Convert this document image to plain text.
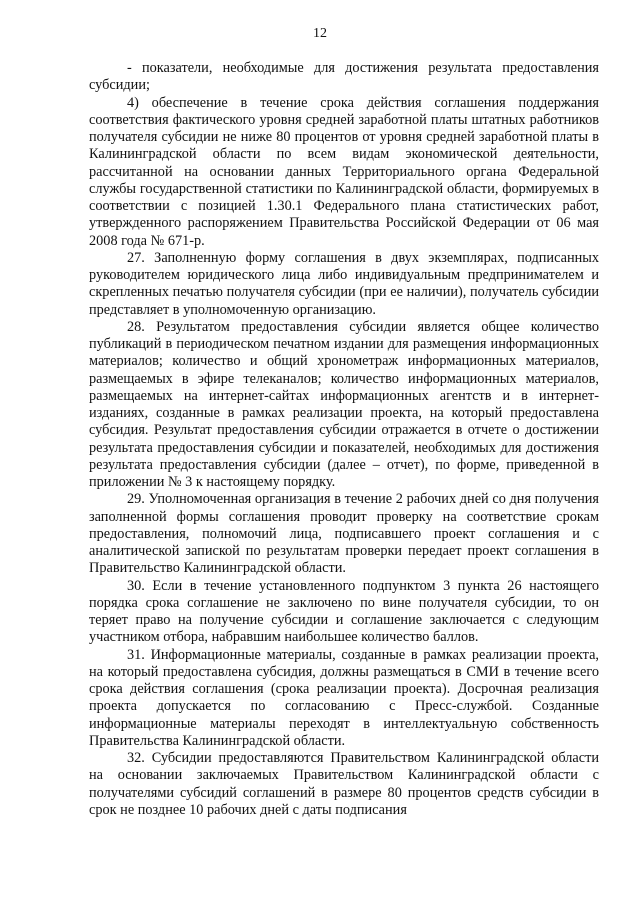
12

- показатели, необходимые для достижения результата предоставления субсидии;

4) обеспечение в течение срока действия соглашения поддержания соответствия фактического уровня средней заработной платы штатных работников получателя субсидии не ниже 80 процентов от уровня средней заработной платы в Калининградской области по всем видам экономической деятельности, рассчитанной на основании данных Территориального органа Федеральной службы государственной статистики по Калининградской области, формируемых в соответствии с позицией 1.30.1 Федерального плана статистических работ, утвержденного распоряжением Правительства Российской Федерации от 06 мая 2008 года № 671-р.

27. Заполненную форму соглашения в двух экземплярах, подписанных руководителем юридического лица либо индивидуальным предпринимателем и скрепленных печатью получателя субсидии (при ее наличии), получатель субсидии представляет в уполномоченную организацию.

28. Результатом предоставления субсидии является общее количество публикаций в периодическом печатном издании для размещения информационных материалов; количество и общий хронометраж информационных материалов, размещаемых в эфире телеканалов; количество информационных материалов, размещаемых на интернет-сайтах информационных агентств и в интернет-изданиях, созданные в рамках реализации проекта, на который предоставлена субсидия. Результат предоставления субсидии отражается в отчете о достижении результата предоставления субсидии и показателей, необходимых для достижения результата предоставления субсидии (далее – отчет), по форме, приведенной в приложении № 3 к настоящему порядку.

29. Уполномоченная организация в течение 2 рабочих дней со дня получения заполненной формы соглашения проводит проверку на соответствие срокам предоставления, полномочий лица, подписавшего проект соглашения и с аналитической запиской по результатам проверки передает проект соглашения в Правительство Калининградской области.

30. Если в течение установленного подпунктом 3 пункта 26 настоящего порядка срока соглашение не заключено по вине получателя субсидии, то он теряет право на получение субсидии и соглашение заключается с следующим участником отбора, набравшим наибольшее количество баллов.

31. Информационные материалы, созданные в рамках реализации проекта, на который предоставлена субсидия, должны размещаться в СМИ в течение всего срока действия соглашения (срока реализации проекта). Досрочная реализация проекта допускается по согласованию с Пресс-службой. Созданные информационные материалы переходят в интеллектуальную собственность Правительства Калининградской области.

32. Субсидии предоставляются Правительством Калининградской области на основании заключаемых Правительством Калининградской области с получателями субсидий соглашений в размере 80 процентов средств субсидии в срок не позднее 10 рабочих дней с даты подписания
